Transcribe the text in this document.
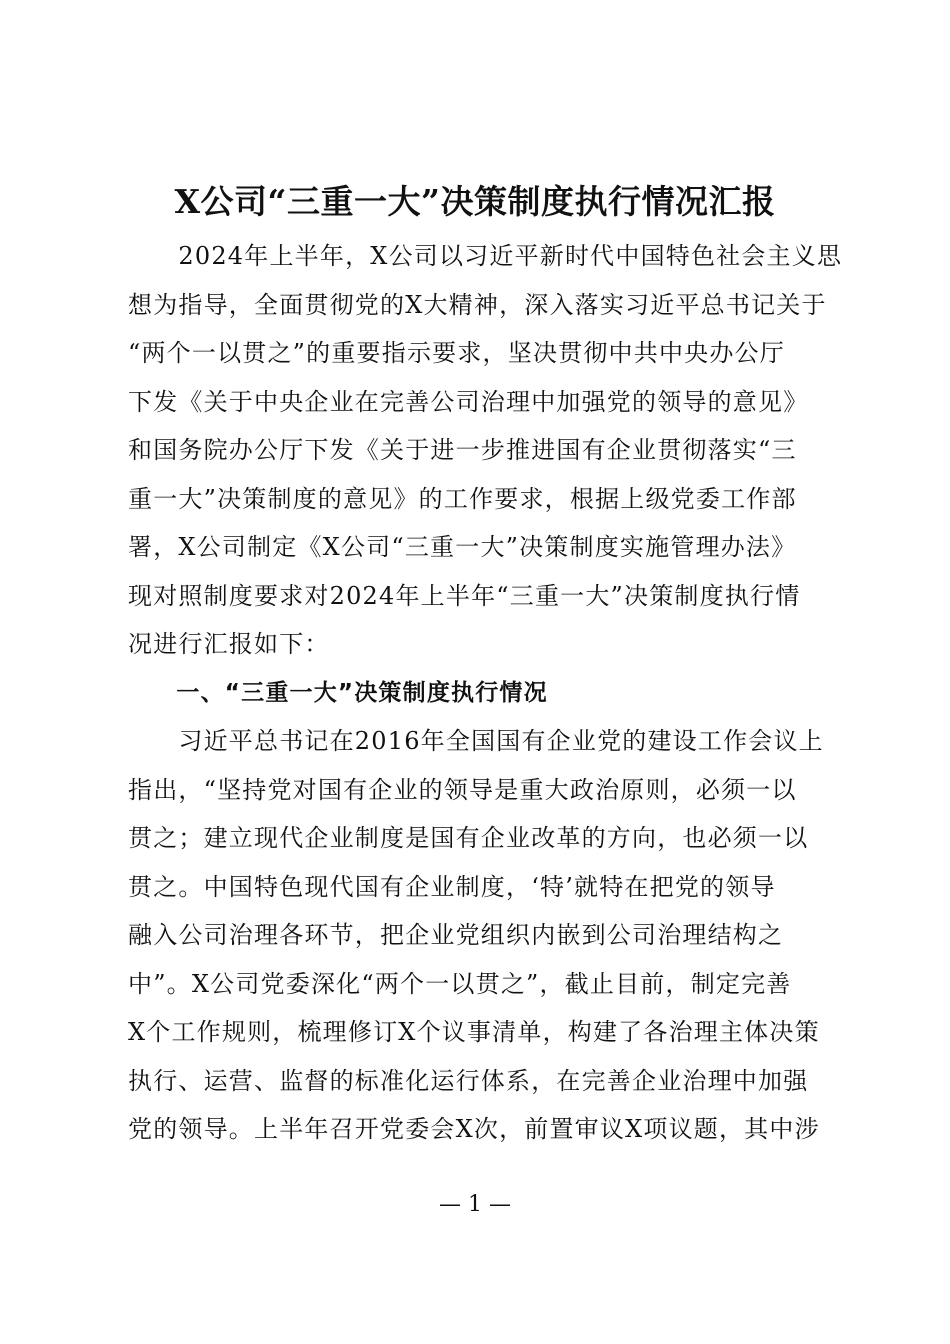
X公司“三重一大”决策制度执行情况汇报
　　2024年上半年，X公司以习近平新时代中国特色社会主义思
想为指导，全面贯彻党的X大精神，深入落实习近平总书记关于
“两个一以贯之”的重要指示要求，坚决贯彻中共中央办公厅
下发《关于中央企业在完善公司治理中加强党的领导的意见》
和国务院办公厅下发《关于进一步推进国有企业贯彻落实“三
重一大”决策制度的意见》的工作要求，根据上级党委工作部
署，X公司制定《X公司“三重一大”决策制度实施管理办法》
现对照制度要求对2024年上半年“三重一大”决策制度执行情
况进行汇报如下：
　　一、“三重一大”决策制度执行情况
　　习近平总书记在2016年全国国有企业党的建设工作会议上
指出，“坚持党对国有企业的领导是重大政治原则，必须一以
贯之；建立现代企业制度是国有企业改革的方向，也必须一以
贯之。中国特色现代国有企业制度，‘特’就特在把党的领导
融入公司治理各环节，把企业党组织内嵌到公司治理结构之
中”。X公司党委深化“两个一以贯之”，截止目前，制定完善
X个工作规则，梳理修订X个议事清单，构建了各治理主体决策
执行、运营、监督的标准化运行体系，在完善企业治理中加强
党的领导。上半年召开党委会X次，前置审议X项议题，其中涉
— 1 —
